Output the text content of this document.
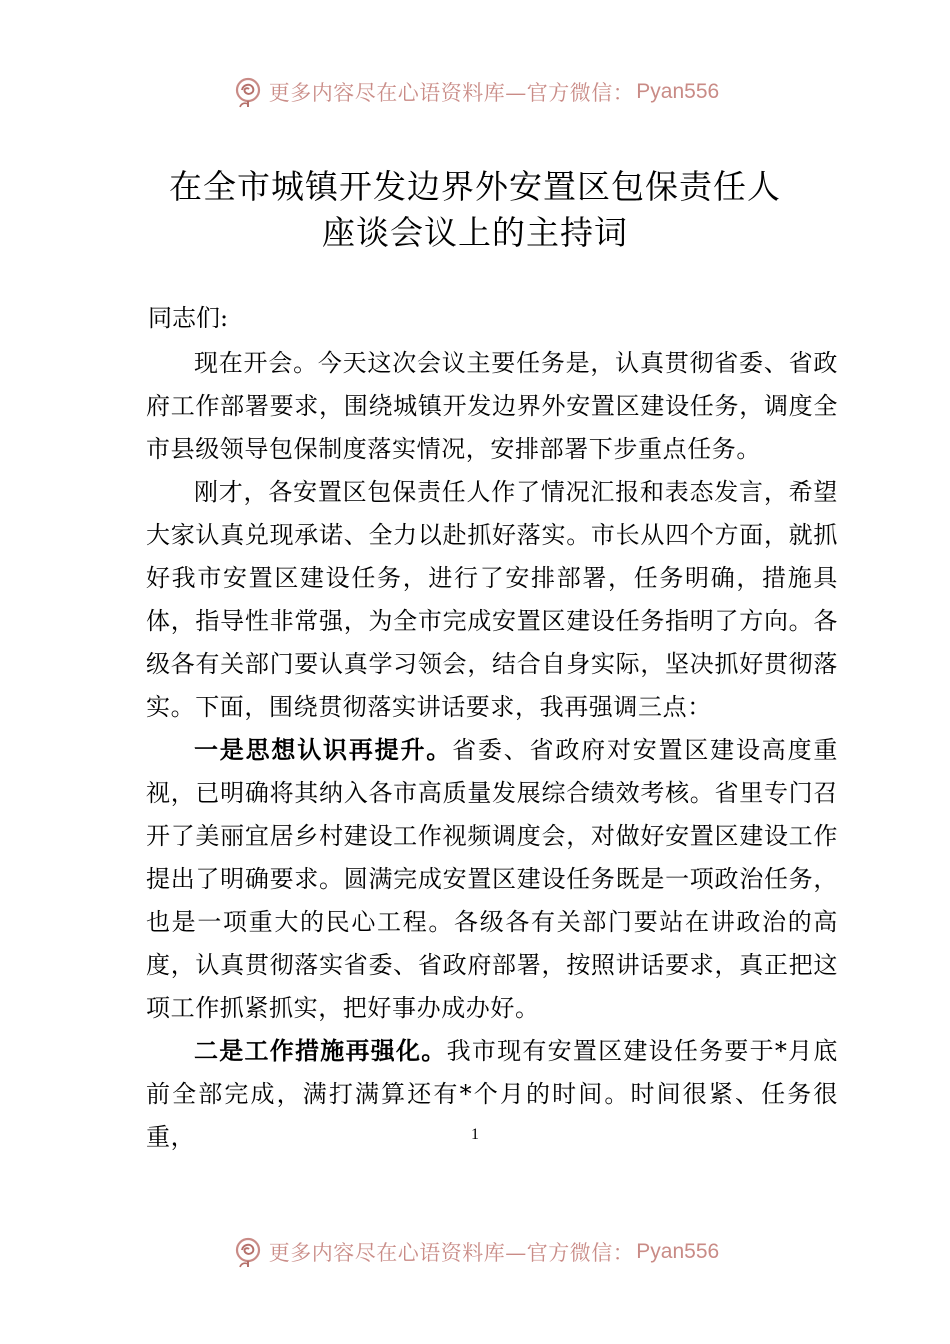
更多内容尽在心语资料库—官方微信： Pyan556
在全市城镇开发边界外安置区包保责任人
座谈会议上的主持词
同志们:

现在开会。今天这次会议主要任务是，认真贯彻省委、省政府工作部署要求，围绕城镇开发边界外安置区建设任务，调度全市县级领导包保制度落实情况，安排部署下步重点任务。

刚才，各安置区包保责任人作了情况汇报和表态发言，希望大家认真兑现承诺、全力以赴抓好落实。市长从四个方面，就抓好我市安置区建设任务，进行了安排部署，任务明确，措施具体，指导性非常强，为全市完成安置区建设任务指明了方向。各级各有关部门要认真学习领会，结合自身实际，坚决抓好贯彻落实。下面，围绕贯彻落实讲话要求，我再强调三点：

一是思想认识再提升。省委、省政府对安置区建设高度重视，已明确将其纳入各市高质量发展综合绩效考核。省里专门召开了美丽宜居乡村建设工作视频调度会，对做好安置区建设工作提出了明确要求。圆满完成安置区建设任务既是一项政治任务，也是一项重大的民心工程。各级各有关部门要站在讲政治的高度，认真贯彻落实省委、省政府部署，按照讲话要求，真正把这项工作抓紧抓实，把好事办成办好。

二是工作措施再强化。我市现有安置区建设任务要于*月底前全部完成，满打满算还有*个月的时间。时间很紧、任务很重，	1
更多内容尽在心语资料库—官方微信： Pyan556
